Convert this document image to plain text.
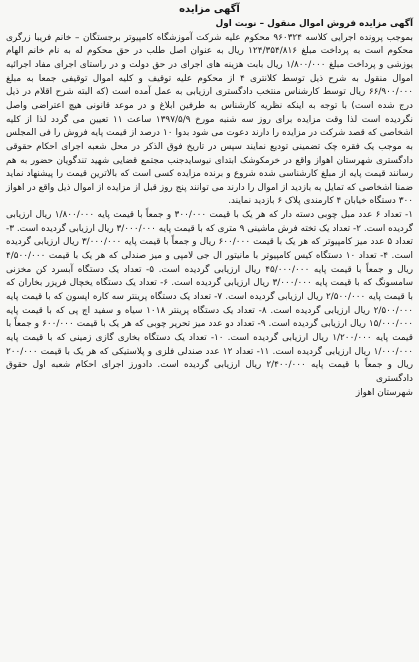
آگهی مزایده
آگهی مزایده فروش اموال منقول – نوبت اول

بموجب پرونده اجرایی کلاسه ۹۶۰۳۲۴ محکوم علیه شرکت آموزشگاه کامپیوتر برجستگان – خانم فریبا زرگری محکوم است به پرداخت مبلغ ۱۲۴/۳۵۴/۸۱۶ ریال به عنوان اصل طلب در حق محکوم له به نام خانم الهام یوزشی و پرداخت مبلغ ۱/۸۰۰/۰۰۰ ریال بابت هزینه های اجرای در حق دولت و در راستای اجرای مفاد اجرائیه اموال منقول به شرح ذیل توسط کلانتری ۴ از محکوم علیه توقیف و کلیه اموال توقیفی جمعا به مبلغ ۶۶/۹۰۰/۰۰۰ ریال توسط کارشناس منتخب دادگستری ارزیابی به عمل آمده است (که البته شرح اقلام در ذیل درج شده است) با توجه به اینکه نظریه کارشناس به طرفین ابلاغ و در موعد قانونی هیچ اعتراضی واصل نگردیده است لذا وقت مزایده برای روز سه شنبه مورخ ۱۳۹۷/۵/۹ ساعت ۱۱ تعیین می گردد لذا از کلیه اشخاصی که قصد شرکت در مزایده را دارند دعوت می شود بدوا ۱۰ درصد از قیمت پایه فروش را فی المجلس به موجب یک فقره چک تضمینی تودیع نمایند سپس در تاریخ فوق الذکر در محل شعبه اجرای احکام حقوقی دادگستری شهرستان اهواز واقع در خرمکوشک ابتدای نیوسایدجنب مجتمع قضایی شهید تندگویان حضور به هم رسانند قیمت پایه از مبلغ کارشناسی شده شروع و برنده مزایده کسی است که بالاترین قیمت را پیشنهاد نماید ضمنا اشخاصی که تمایل به بازدید از اموال را دارند می توانند پنج روز قبل از مزایده از اموال ذیل واقع در اهواز ۳۰۰ دستگاه خیابان ۴ کارمندی پلاک ۶ بازدید نمایند.

۱- تعداد ۶ عدد مبل چوبی دسته دار که هر یک با قیمت ۳۰۰/۰۰۰ و جمعاً با قیمت پایه ۱/۸۰۰/۰۰۰ ریال ارزیابی گردیده است. ۲- تعداد یک تخته فرش ماشینی ۹ متری که با قیمت پایه ۳/۰۰۰/۰۰۰ ریال ارزیابی گردیده است. ۳- تعداد ۵ عدد میز کامپیوتر که هر یک با قیمت ۶۰۰/۰۰۰ ریال و جمعاً با قیمت پایه ۳/۰۰۰/۰۰۰ ریال ارزیابی گردیده است. ۴- تعداد ۱۰ دستگاه کیس کامپیوتر با مانیتور ال جی لامپی و میز صندلی که هر یک با قیمت ۴/۵۰۰/۰۰۰ ریال و جمعاً با قیمت پایه ۴۵/۰۰۰/۰۰۰ ریال ارزیابی گردیده است. ۵- تعداد یک دستگاه آبسرد کن مخزنی سامسونگ که با قیمت پایه ۳/۰۰۰/۰۰۰ ریال ارزیابی گردیده است. ۶- تعداد یک دستگاه یخچال فریزر بخاران که با قیمت پایه ۲/۵۰۰/۰۰۰ ریال ارزیابی گردیده است. ۷- تعداد یک دستگاه پرینتر سه کاره اپسون که با قیمت پایه ۲/۵۰۰/۰۰۰ ریال ارزیابی گردیده است. ۸- تعداد یک دستگاه پرینتر ۱۰۱۸ سیاه و سفید اچ پی که با قیمت پایه ۱۵/۰۰۰/۰۰۰ ریال ارزیابی گردیده است. ۹- تعداد دو عدد میز تحریر چوبی که هر یک با قیمت ۶۰۰/۰۰۰ و جمعاً با قیمت پایه ۱/۲۰۰/۰۰۰ ریال ارزیابی گردیده است. ۱۰- تعداد یک دستگاه بخاری گازی زمینی که با قیمت پایه ۱/۰۰۰/۰۰۰ ریال ارزیابی گردیده است. ۱۱- تعداد ۱۲ عدد صندلی فلزی و پلاستیکی که هر یک با قیمت ۲۰۰/۰۰۰ ریال و جمعاً با قیمت پایه ۲/۴۰۰/۰۰۰ ریال ارزیابی گردیده است. دادورز اجرای احکام شعبه اول حقوق دادگستری

شهرستان اهواز
